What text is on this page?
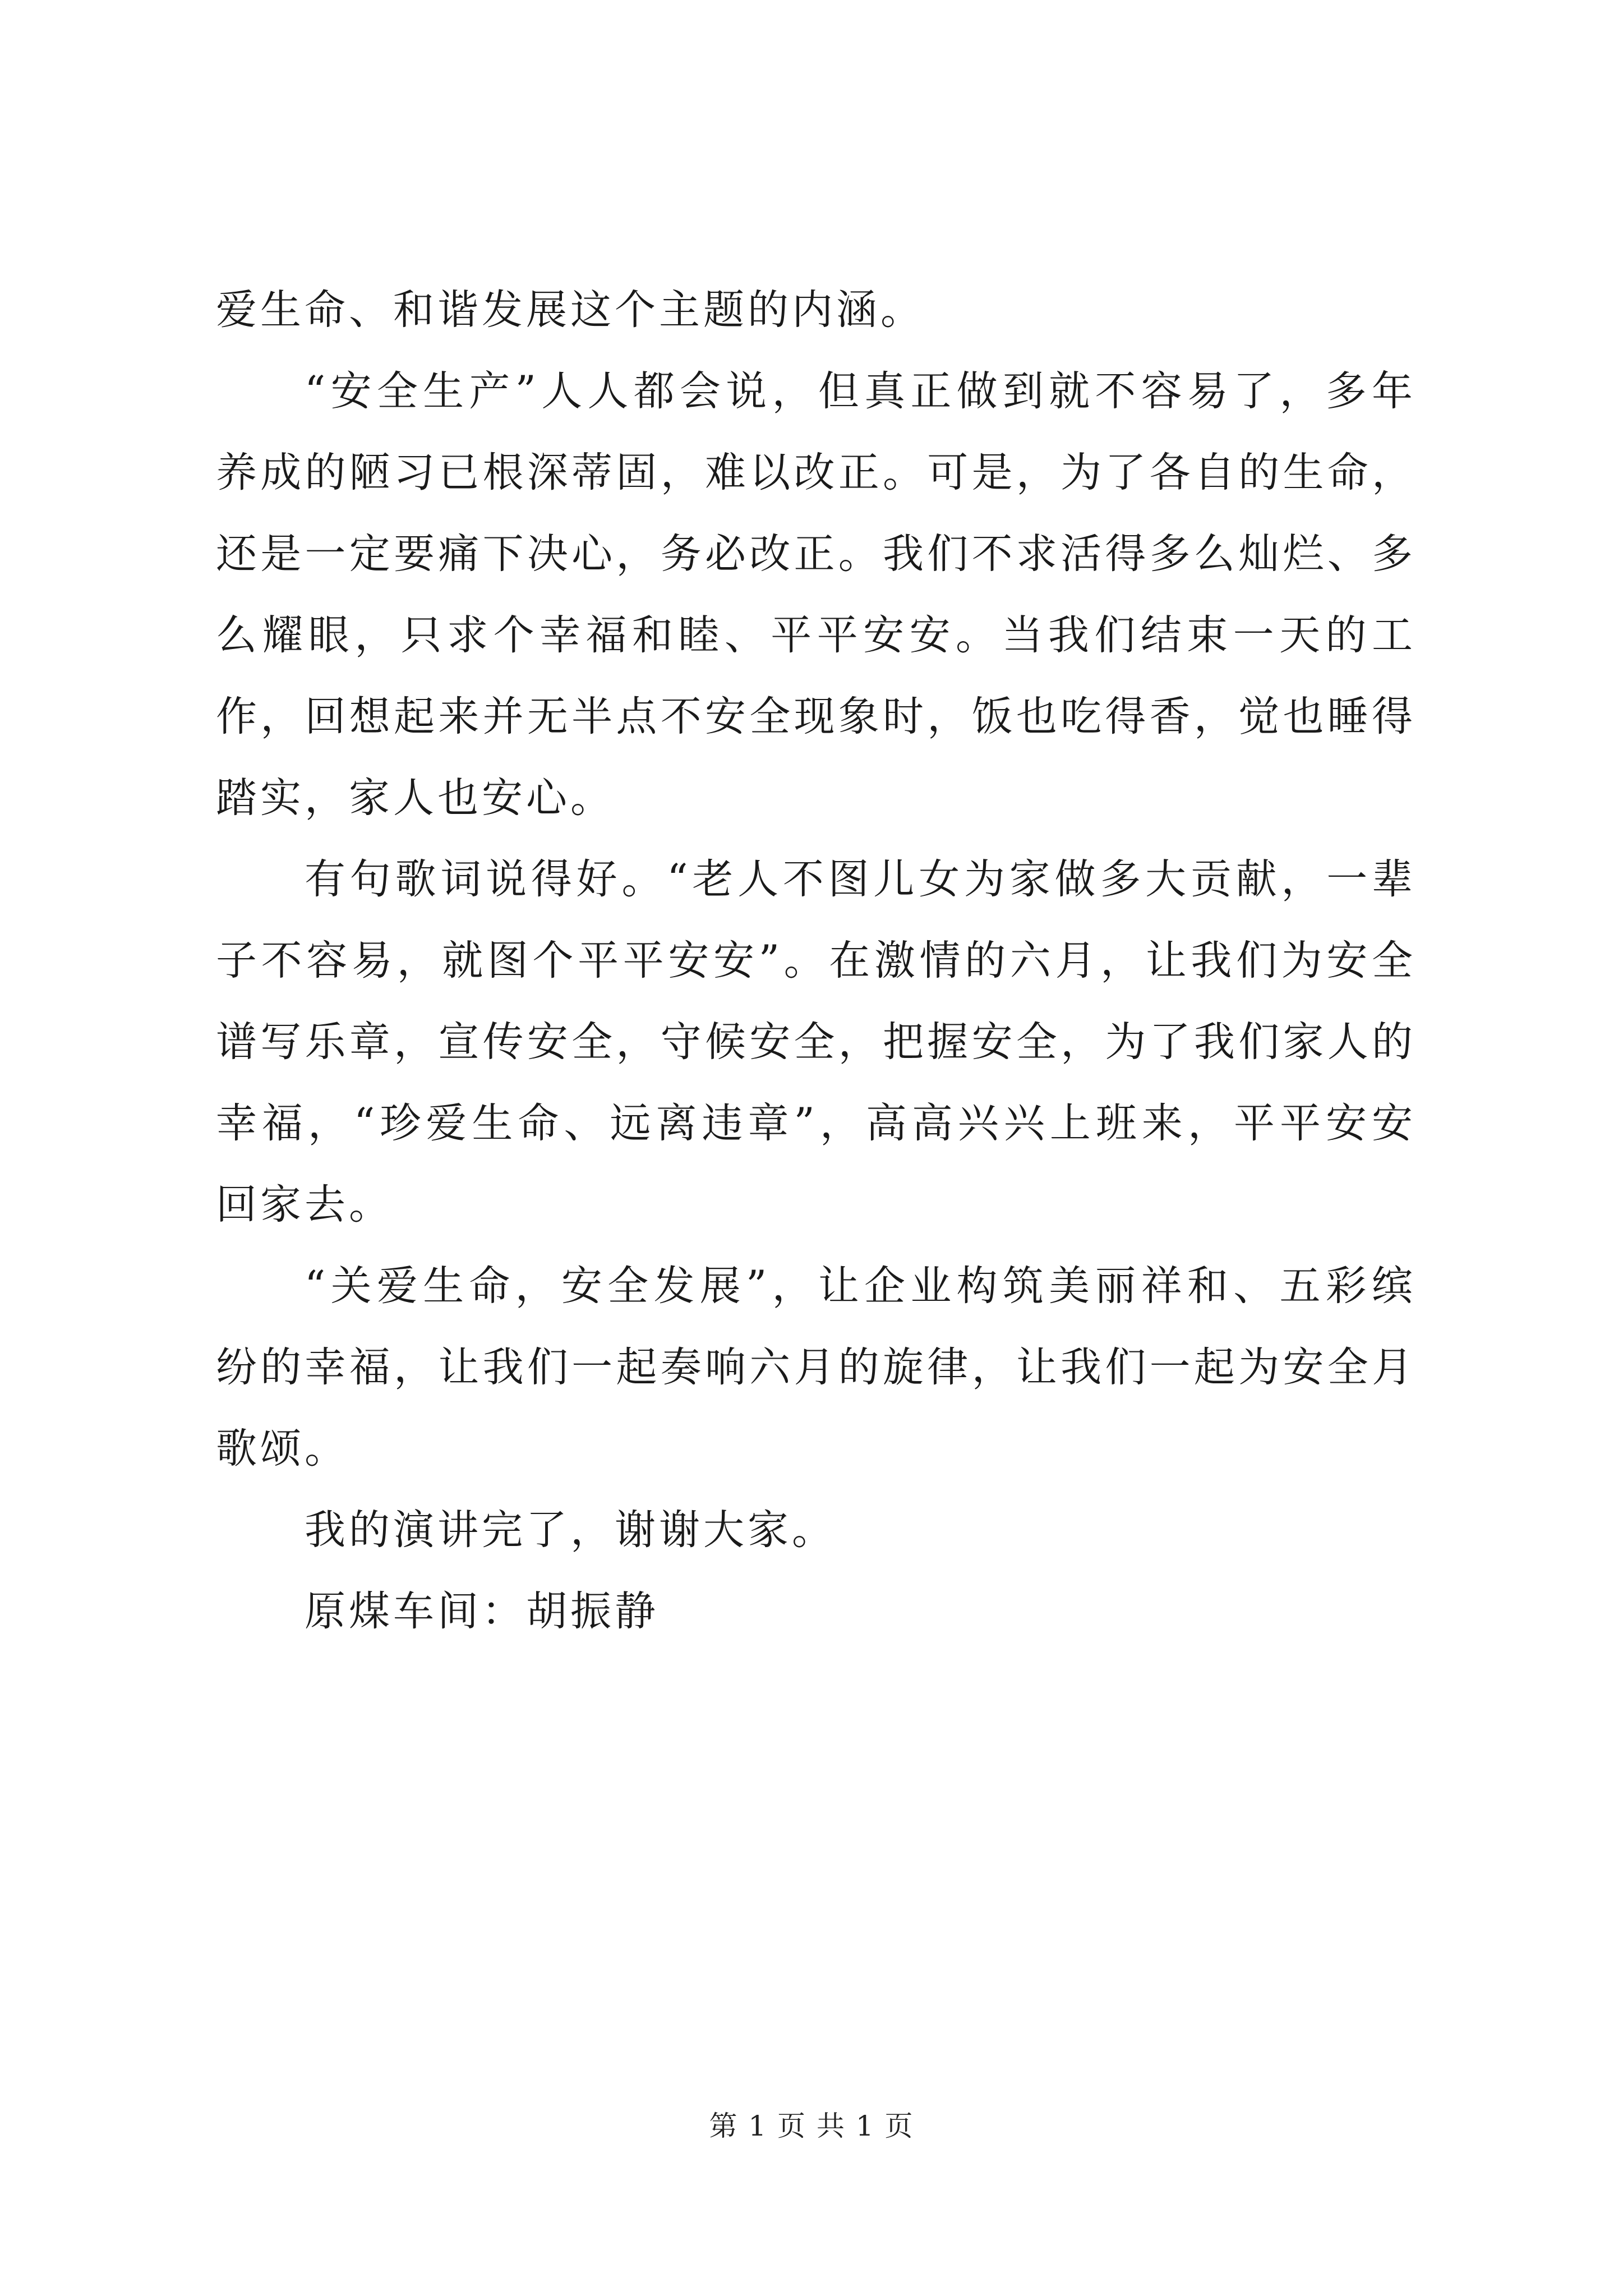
爱生命、和谐发展这个主题的内涵。

“安全生产”人人都会说，但真正做到就不容易了，多年养成的陋习已根深蒂固，难以改正。可是，为了各自的生命，还是一定要痛下决心，务必改正。我们不求活得多么灿烂、多么耀眼，只求个幸福和睦、平平安安。当我们结束一天的工作，回想起来并无半点不安全现象时，饭也吃得香，觉也睡得踏实，家人也安心。

有句歌词说得好。“老人不图儿女为家做多大贡献，一辈子不容易，就图个平平安安”。在激情的六月，让我们为安全谱写乐章，宣传安全，守候安全，把握安全，为了我们家人的幸福，“珍爱生命、远离违章”，高高兴兴上班来，平平安安回家去。

“关爱生命，安全发展”，让企业构筑美丽祥和、五彩缤纷的幸福，让我们一起奏响六月的旋律，让我们一起为安全月歌颂。

我的演讲完了，谢谢大家。

原煤车间：胡振静

第 1 页 共 1 页
